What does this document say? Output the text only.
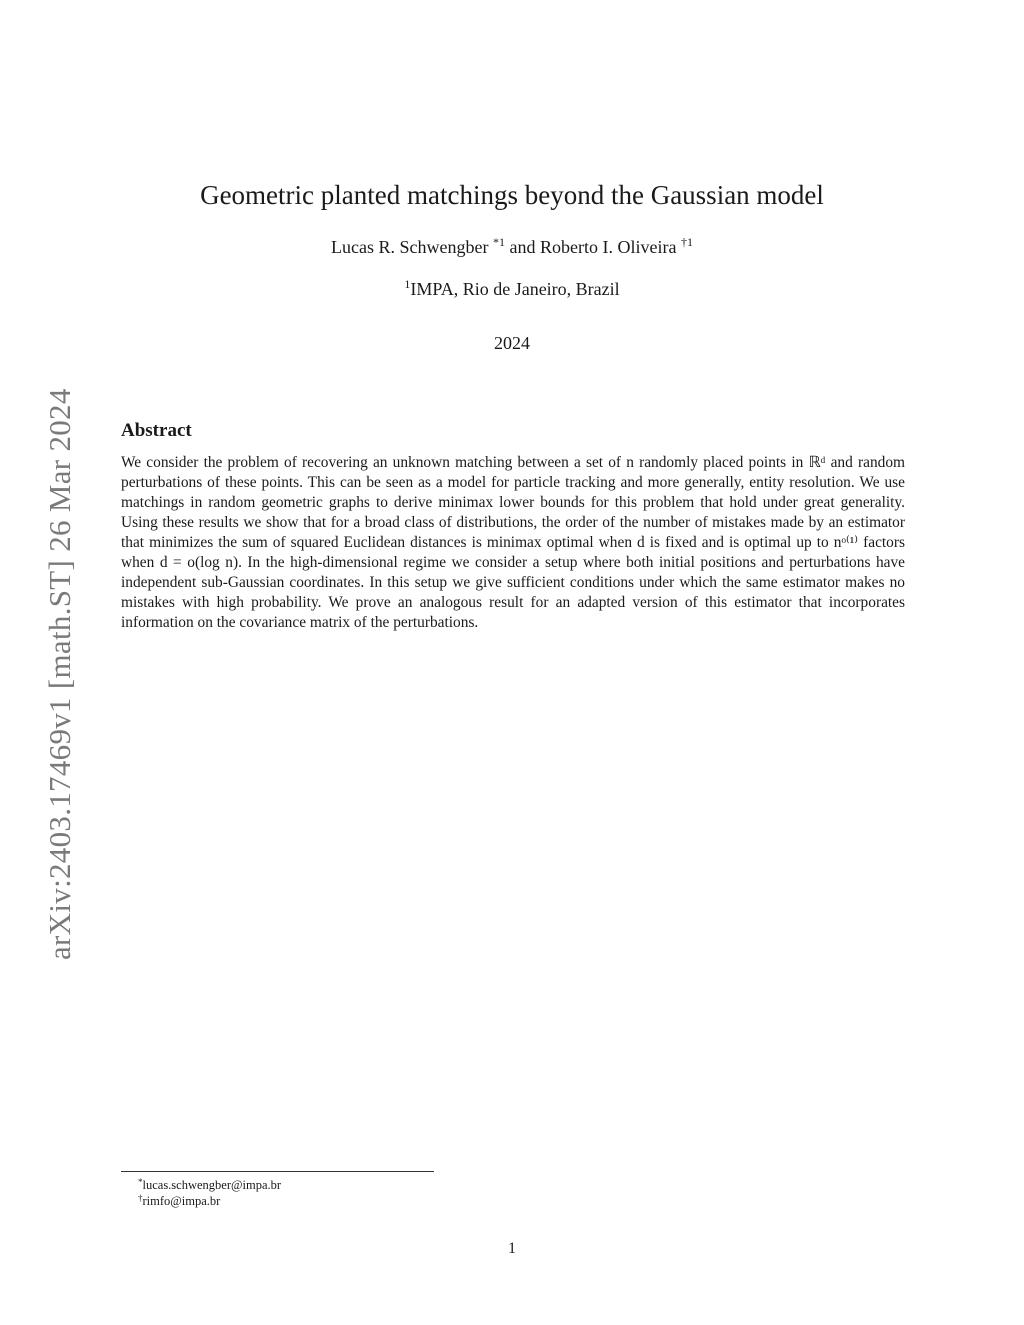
arXiv:2403.17469v1 [math.ST] 26 Mar 2024
Geometric planted matchings beyond the Gaussian model
Lucas R. Schwengber $^{*1}$ and Roberto I. Oliveira $^{\dagger 1}$
$^1$IMPA, Rio de Janeiro, Brazil
2024
Abstract
We consider the problem of recovering an unknown matching between a set of n randomly placed points in ℝᵈ and random perturbations of these points. This can be seen as a model for particle tracking and more generally, entity resolution. We use matchings in random geometric graphs to derive minimax lower bounds for this problem that hold under great generality. Using these results we show that for a broad class of distributions, the order of the number of mistakes made by an estimator that minimizes the sum of squared Euclidean distances is minimax optimal when d is fixed and is optimal up to nᵒ⁽¹⁾ factors when d = o(log n). In the high-dimensional regime we consider a setup where both initial positions and perturbations have independent sub-Gaussian coordinates. In this setup we give sufficient conditions under which the same estimator makes no mistakes with high probability. We prove an analogous result for an adapted version of this estimator that incorporates information on the covariance matrix of the perturbations.
*lucas.schwengber@impa.br
†rimfo@impa.br
1
